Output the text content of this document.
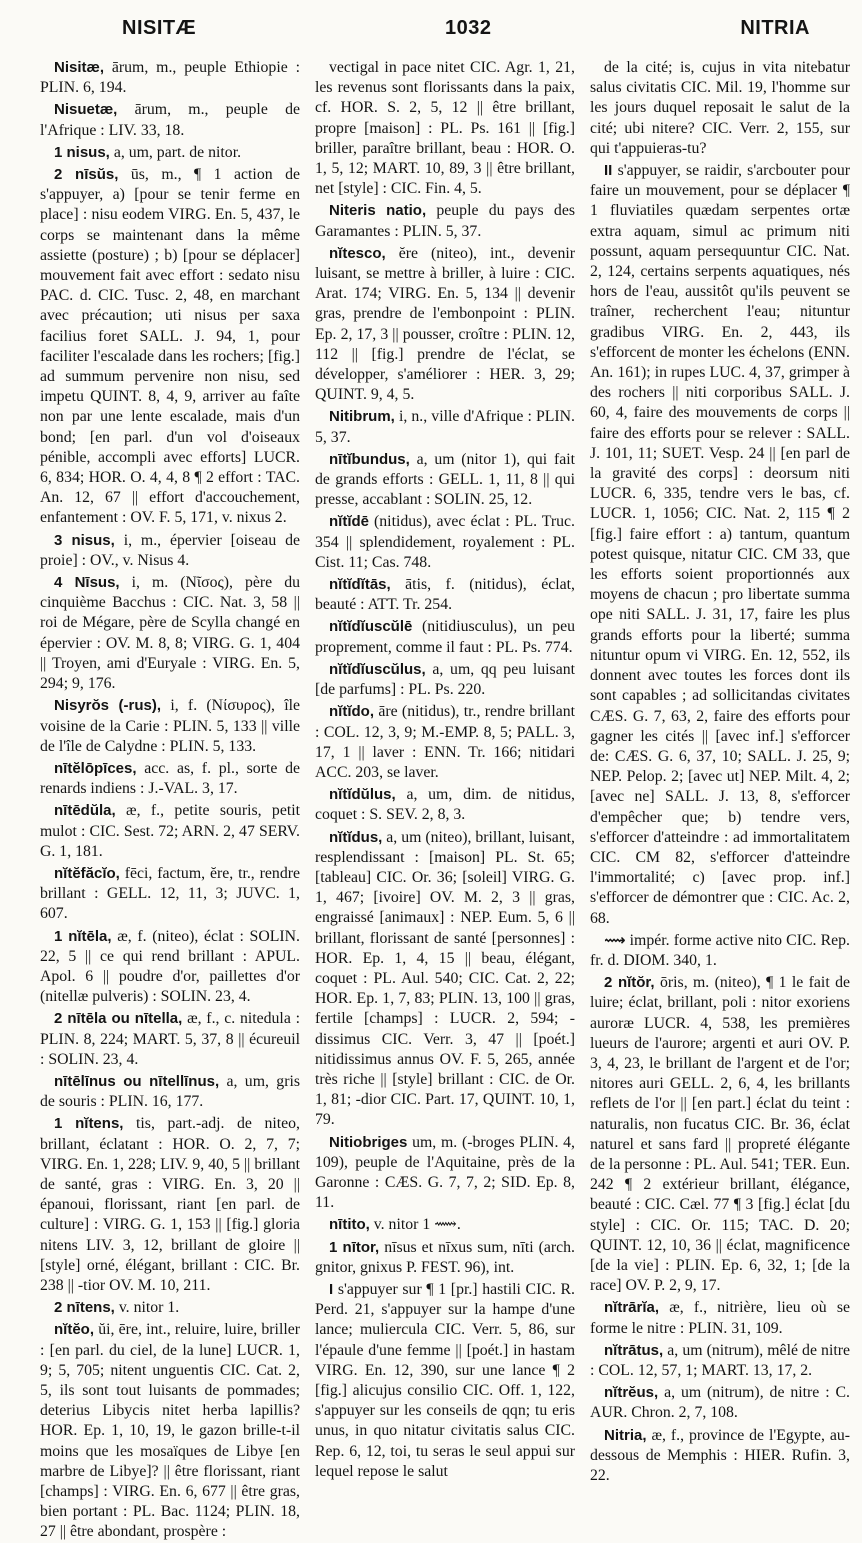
NISITÆ	1032	NITRIA

Nisitæ, ārum, m., peuple Ethiopie : PLIN. 6, 194.

Nisuetæ, ārum, m., peuple de l'Afrique : LIV. 33, 18.

1 nisus, a, um, part. de nitor.

2 nīsŭs, ūs, m., ¶ 1 action de s'appuyer, a) [pour se tenir ferme en place] : nisu eodem VIRG. En. 5, 437, le corps se maintenant dans la même assiette (posture) ; b) [pour se déplacer] mouvement fait avec effort : sedato nisu PAC. d. CIC. Tusc. 2, 48, en marchant avec précaution; uti nisus per saxa facilius foret SALL. J. 94, 1, pour faciliter l'escalade dans les rochers; [fig.] ad summum pervenire non nisu, sed impetu QUINT. 8, 4, 9, arriver au faîte non par une lente escalade, mais d'un bond; [en parl. d'un vol d'oiseaux pénible, accompli avec efforts] LUCR. 6, 834; HOR. O. 4, 4, 8 ¶ 2 effort : TAC. An. 12, 67 || effort d'accouchement, enfantement : OV. F. 5, 171, v. nixus 2.

3 nisus, i, m., épervier [oiseau de proie] : OV., v. Nisus 4.

4 Nīsus, i, m. (Νῖσος), père du cinquième Bacchus : CIC. Nat. 3, 58 || roi de Mégare, père de Scylla changé en épervier : OV. M. 8, 8; VIRG. G. 1, 404 || Troyen, ami d'Euryale : VIRG. En. 5, 294; 9, 176.

Nisyrŏs (-rus), i, f. (Νίσυρος), île voisine de la Carie : PLIN. 5, 133 || ville de l'île de Calydne : PLIN. 5, 133.

nītĕlōpīces, acc. as, f. pl., sorte de renards indiens : J.-VAL. 3, 17.

nītēdŭla, æ, f., petite souris, petit mulot : CIC. Sest. 72; ARN. 2, 47 SERV. G. 1, 181.

nĭtĕfăcĭo, fēci, factum, ĕre, tr., rendre brillant : GELL. 12, 11, 3; JUVC. 1, 607.

1 nĭtēla, æ, f. (niteo), éclat : SOLIN. 22, 5 || ce qui rend brillant : APUL. Apol. 6 || poudre d'or, paillettes d'or (nitellæ pulveris) : SOLIN. 23, 4.

2 nītēla ou nītella, æ, f., c. nitedula : PLIN. 8, 224; MART. 5, 37, 8 || écureuil : SOLIN. 23, 4.

nītēlīnus ou nītellīnus, a, um, gris de souris : PLIN. 16, 177.

1 nĭtens, tis, part.-adj. de niteo, brillant, éclatant : HOR. O. 2, 7, 7; VIRG. En. 1, 228; LIV. 9, 40, 5 || brillant de santé, gras : VIRG. En. 3, 20 || épanoui, florissant, riant [en parl. de culture] : VIRG. G. 1, 153 || [fig.] gloria nitens LIV. 3, 12, brillant de gloire || [style] orné, élégant, brillant : CIC. Br. 238 || -tior OV. M. 10, 211.

2 nītens, v. nitor 1.

nĭtĕo, ŭi, ēre, int., reluire, luire, briller : [en parl. du ciel, de la lune] LUCR. 1, 9; 5, 705; nitent unguentis CIC. Cat. 2, 5, ils sont tout luisants de pommades; deterius Libycis nitet herba lapillis? HOR. Ep. 1, 10, 19, le gazon brille-t-il moins que les mosaïques de Libye [en marbre de Libye]? || être florissant, riant [champs] : VIRG. En. 6, 677 || être gras, bien portant : PL. Bac. 1124; PLIN. 18, 27 || être abondant, prospère :

vectigal in pace nitet CIC. Agr. 1, 21, les revenus sont florissants dans la paix, cf. HOR. S. 2, 5, 12 || être brillant, propre [maison] : PL. Ps. 161 || [fig.] briller, paraître brillant, beau : HOR. O. 1, 5, 12; MART. 10, 89, 3 || être brillant, net [style] : CIC. Fin. 4, 5.

Niteris natio, peuple du pays des Garamantes : PLIN. 5, 37.

nĭtesco, ĕre (niteo), int., devenir luisant, se mettre à briller, à luire : CIC. Arat. 174; VIRG. En. 5, 134 || devenir gras, prendre de l'embonpoint : PLIN. Ep. 2, 17, 3 || pousser, croître : PLIN. 12, 112 || [fig.] prendre de l'éclat, se développer, s'améliorer : HER. 3, 29; QUINT. 9, 4, 5.

Nitibrum, i, n., ville d'Afrique : PLIN. 5, 37.

nītĭbundus, a, um (nitor 1), qui fait de grands efforts : GELL. 1, 11, 8 || qui presse, accablant : SOLIN. 25, 12.

nĭtĭdē (nitidus), avec éclat : PL. Truc. 354 || splendidement, royalement : PL. Cist. 11; Cas. 748.

nĭtĭdĭtās, ātis, f. (nitidus), éclat, beauté : ATT. Tr. 254.

nĭtĭdĭuscŭlē (nitidiusculus), un peu proprement, comme il faut : PL. Ps. 774.

nĭtĭdĭuscŭlus, a, um, qq peu luisant [de parfums] : PL. Ps. 220.

nĭtĭdo, āre (nitidus), tr., rendre brillant : COL. 12, 3, 9; M.-EMP. 8, 5; PALL. 3, 17, 1 || laver : ENN. Tr. 166; nitidari ACC. 203, se laver.

nĭtĭdŭlus, a, um, dim. de nitidus, coquet : S. SEV. 2, 8, 3.

nĭtĭdus, a, um (niteo), brillant, luisant, resplendissant : [maison] PL. St. 65; [tableau] CIC. Or. 36; [soleil] VIRG. G. 1, 467; [ivoire] OV. M. 2, 3 || gras, engraissé [animaux] : NEP. Eum. 5, 6 || brillant, florissant de santé [personnes] : HOR. Ep. 1, 4, 15 || beau, élégant, coquet : PL. Aul. 540; CIC. Cat. 2, 22; HOR. Ep. 1, 7, 83; PLIN. 13, 100 || gras, fertile [champs] : LUCR. 2, 594; -dissimus CIC. Verr. 3, 47 || [poét.] nitidissimus annus OV. F. 5, 265, année très riche || [style] brillant : CIC. de Or. 1, 81; -dior CIC. Part. 17, QUINT. 10, 1, 79.

Nitiobriges um, m. (-broges PLIN. 4, 109), peuple de l'Aquitaine, près de la Garonne : CÆS. G. 7, 7, 2; SID. Ep. 8, 11.

nītito, v. nitor 1 ⟿.

1 nītor, nīsus et nīxus sum, nīti (arch. gnitor, gnixus P. FEST. 96), int.

I s'appuyer sur ¶ 1 [pr.] hastili CIC. R. Perd. 21, s'appuyer sur la hampe d'une lance; muliercula CIC. Verr. 5, 86, sur l'épaule d'une femme || [poét.] in hastam VIRG. En. 12, 390, sur une lance ¶ 2 [fig.] alicujus consilio CIC. Off. 1, 122, s'appuyer sur les conseils de qqn; tu eris unus, in quo nitatur civitatis salus CIC. Rep. 6, 12, toi, tu seras le seul appui sur lequel repose le salut

de la cité; is, cujus in vita nitebatur salus civitatis CIC. Mil. 19, l'homme sur les jours duquel reposait le salut de la cité; ubi nitere? CIC. Verr. 2, 155, sur qui t'appuieras-tu?

II s'appuyer, se raidir, s'arcbouter pour faire un mouvement, pour se déplacer ¶ 1 fluviatiles quædam serpentes ortæ extra aquam, simul ac primum niti possunt, aquam persequuntur CIC. Nat. 2, 124, certains serpents aquatiques, nés hors de l'eau, aussitôt qu'ils peuvent se traîner, recherchent l'eau; nituntur gradibus VIRG. En. 2, 443, ils s'efforcent de monter les échelons (ENN. An. 161); in rupes LUC. 4, 37, grimper à des rochers || niti corporibus SALL. J. 60, 4, faire des mouvements de corps || faire des efforts pour se relever : SALL. J. 101, 11; SUET. Vesp. 24 || [en parl de la gravité des corps] : deorsum niti LUCR. 6, 335, tendre vers le bas, cf. LUCR. 1, 1056; CIC. Nat. 2, 115 ¶ 2 [fig.] faire effort : a) tantum, quantum potest quisque, nitatur CIC. CM 33, que les efforts soient proportionnés aux moyens de chacun ; pro libertate summa ope niti SALL. J. 31, 17, faire les plus grands efforts pour la liberté; summa nituntur opum vi VIRG. En. 12, 552, ils donnent avec toutes les forces dont ils sont capables ; ad sollicitandas civitates CÆS. G. 7, 63, 2, faire des efforts pour gagner les cités || [avec inf.] s'efforcer de: CÆS. G. 6, 37, 10; SALL. J. 25, 9; NEP. Pelop. 2; [avec ut] NEP. Milt. 4, 2; [avec ne] SALL. J. 13, 8, s'efforcer d'empêcher que; b) tendre vers, s'efforcer d'atteindre : ad immortalitatem CIC. CM 82, s'efforcer d'atteindre l'immortalité; c) [avec prop. inf.] s'efforcer de démontrer que : CIC. Ac. 2, 68.

⟿ impér. forme active nito CIC. Rep. fr. d. DIOM. 340, 1.

2 nĭtŏr, ōris, m. (niteo), ¶ 1 le fait de luire; éclat, brillant, poli : nitor exoriens auroræ LUCR. 4, 538, les premières lueurs de l'aurore; argenti et auri OV. P. 3, 4, 23, le brillant de l'argent et de l'or; nitores auri GELL. 2, 6, 4, les brillants reflets de l'or || [en part.] éclat du teint : naturalis, non fucatus CIC. Br. 36, éclat naturel et sans fard || propreté élégante de la personne : PL. Aul. 541; TER. Eun. 242 ¶ 2 extérieur brillant, élégance, beauté : CIC. Cæl. 77 ¶ 3 [fig.] éclat [du style] : CIC. Or. 115; TAC. D. 20; QUINT. 12, 10, 36 || éclat, magnificence [de la vie] : PLIN. Ep. 6, 32, 1; [de la race] OV. P. 2, 9, 17.

nĭtrārĭa, æ, f., nitrière, lieu où se forme le nitre : PLIN. 31, 109.

nĭtrātus, a, um (nitrum), mêlé de nitre : COL. 12, 57, 1; MART. 13, 17, 2.

nĭtrĕus, a, um (nitrum), de nitre : C. AUR. Chron. 2, 7, 108.

Nitria, æ, f., province de l'Egypte, au-dessous de Memphis : HIER. Rufin. 3, 22.
